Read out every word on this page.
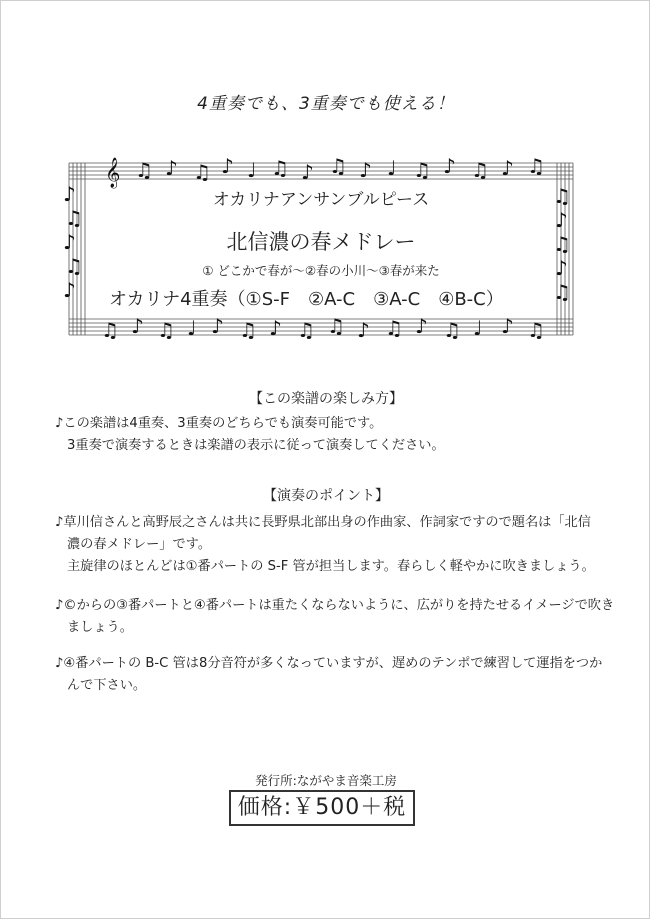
4重奏でも、3重奏でも使える！
𝄞 ♫ ♪ ♫ ♪ ♩ ♫ ♪ ♫ ♪ ♩ ♫ ♪ ♫ ♪ ♫
♫ ♪ ♫ ♩ ♪ ♫ ♪ ♫ ♫ ♪ ♫ ♪ ♫ ♩ ♪ ♫
♪
♫
♪
♫
♪
♫
♪
♫
♪
♫
オカリナアンサンブルピース
北信濃の春メドレー
① どこかで春が～②春の小川～③春が来た
オカリナ4重奏（①S-F　②A-C　③A-C　④B-C）
【この楽譜の楽しみ方】
♪この楽譜は4重奏、3重奏のどちらでも演奏可能です。
3重奏で演奏するときは楽譜の表示に従って演奏してください。
【演奏のポイント】
♪草川信さんと高野辰之さんは共に長野県北部出身の作曲家、作詞家ですので題名は「北信
濃の春メドレー」です。
主旋律のほとんどは①番パートの S-F 管が担当します。春らしく軽やかに吹きましょう。
♪©からの③番パートと④番パートは重たくならないように、広がりを持たせるイメージで吹き
ましょう。
♪④番パートの B-C 管は8分音符が多くなっていますが、遅めのテンポで練習して運指をつか
んで下さい。
発行所:ながやま音楽工房
価格:￥500＋税
